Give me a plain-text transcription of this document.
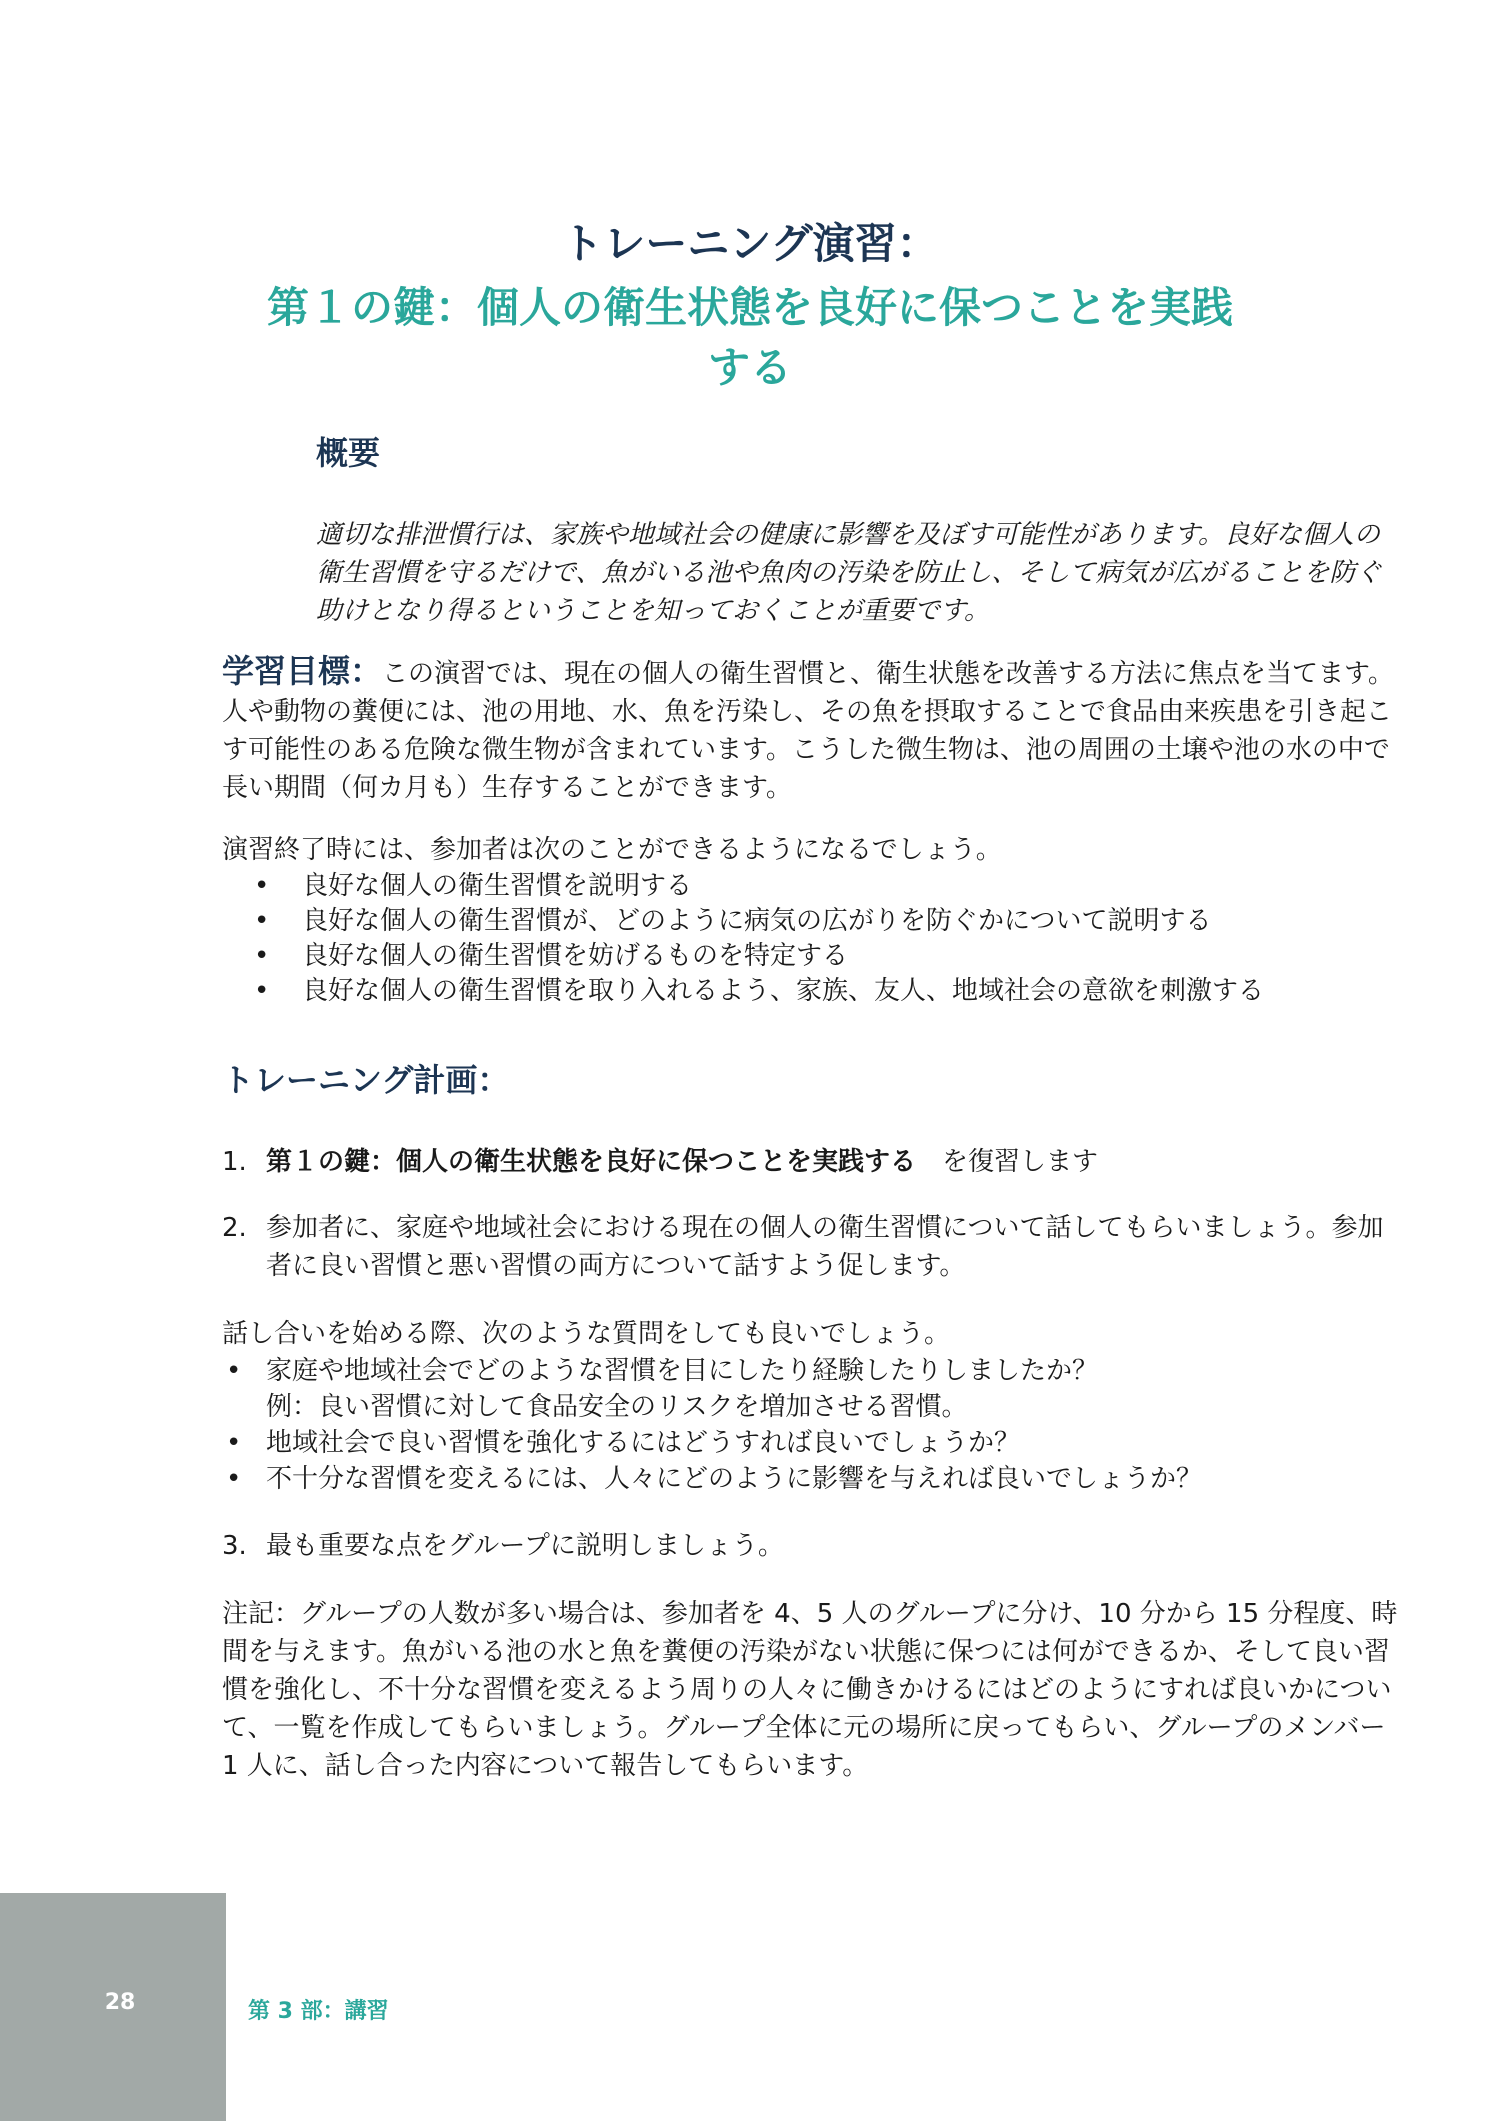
トレーニング演習：
第１の鍵：個人の衛生状態を良好に保つことを実践する
概要

適切な排泄慣行は、家族や地域社会の健康に影響を及ぼす可能性があります。良好な個人の衛生習慣を守るだけで、魚がいる池や魚肉の汚染を防止し、そして病気が広がることを防ぐ助けとなり得るということを知っておくことが重要です。

学習目標：この演習では、現在の個人の衛生習慣と、衛生状態を改善する方法に焦点を当てます。人や動物の糞便には、池の用地、水、魚を汚染し、その魚を摂取することで食品由来疾患を引き起こす可能性のある危険な微生物が含まれています。こうした微生物は、池の周囲の土壌や池の水の中で長い期間（何カ月も）生存することができます。

演習終了時には、参加者は次のことができるようになるでしょう。

• 良好な個人の衛生習慣を説明する
• 良好な個人の衛生習慣が、どのように病気の広がりを防ぐかについて説明する
• 良好な個人の衛生習慣を妨げるものを特定する
• 良好な個人の衛生習慣を取り入れるよう、家族、友人、地域社会の意欲を刺激する
トレーニング計画：

1. 第１の鍵：個人の衛生状態を良好に保つことを実践する　を復習します

2. 参加者に、家庭や地域社会における現在の個人の衛生習慣について話してもらいましょう。参加者に良い習慣と悪い習慣の両方について話すよう促します。

話し合いを始める際、次のような質問をしても良いでしょう。

• 家庭や地域社会でどのような習慣を目にしたり経験したりしましたか？
例：良い習慣に対して食品安全のリスクを増加させる習慣。
• 地域社会で良い習慣を強化するにはどうすれば良いでしょうか？
• 不十分な習慣を変えるには、人々にどのように影響を与えれば良いでしょうか？

3. 最も重要な点をグループに説明しましょう。

注記：グループの人数が多い場合は、参加者を 4、5 人のグループに分け、10 分から 15 分程度、時間を与えます。魚がいる池の水と魚を糞便の汚染がない状態に保つには何ができるか、そして良い習慣を強化し、不十分な習慣を変えるよう周りの人々に働きかけるにはどのようにすれば良いかについて、一覧を作成してもらいましょう。グループ全体に元の場所に戻ってもらい、グループのメンバー1 人に、話し合った内容について報告してもらいます。

28	第 3 部：講習
